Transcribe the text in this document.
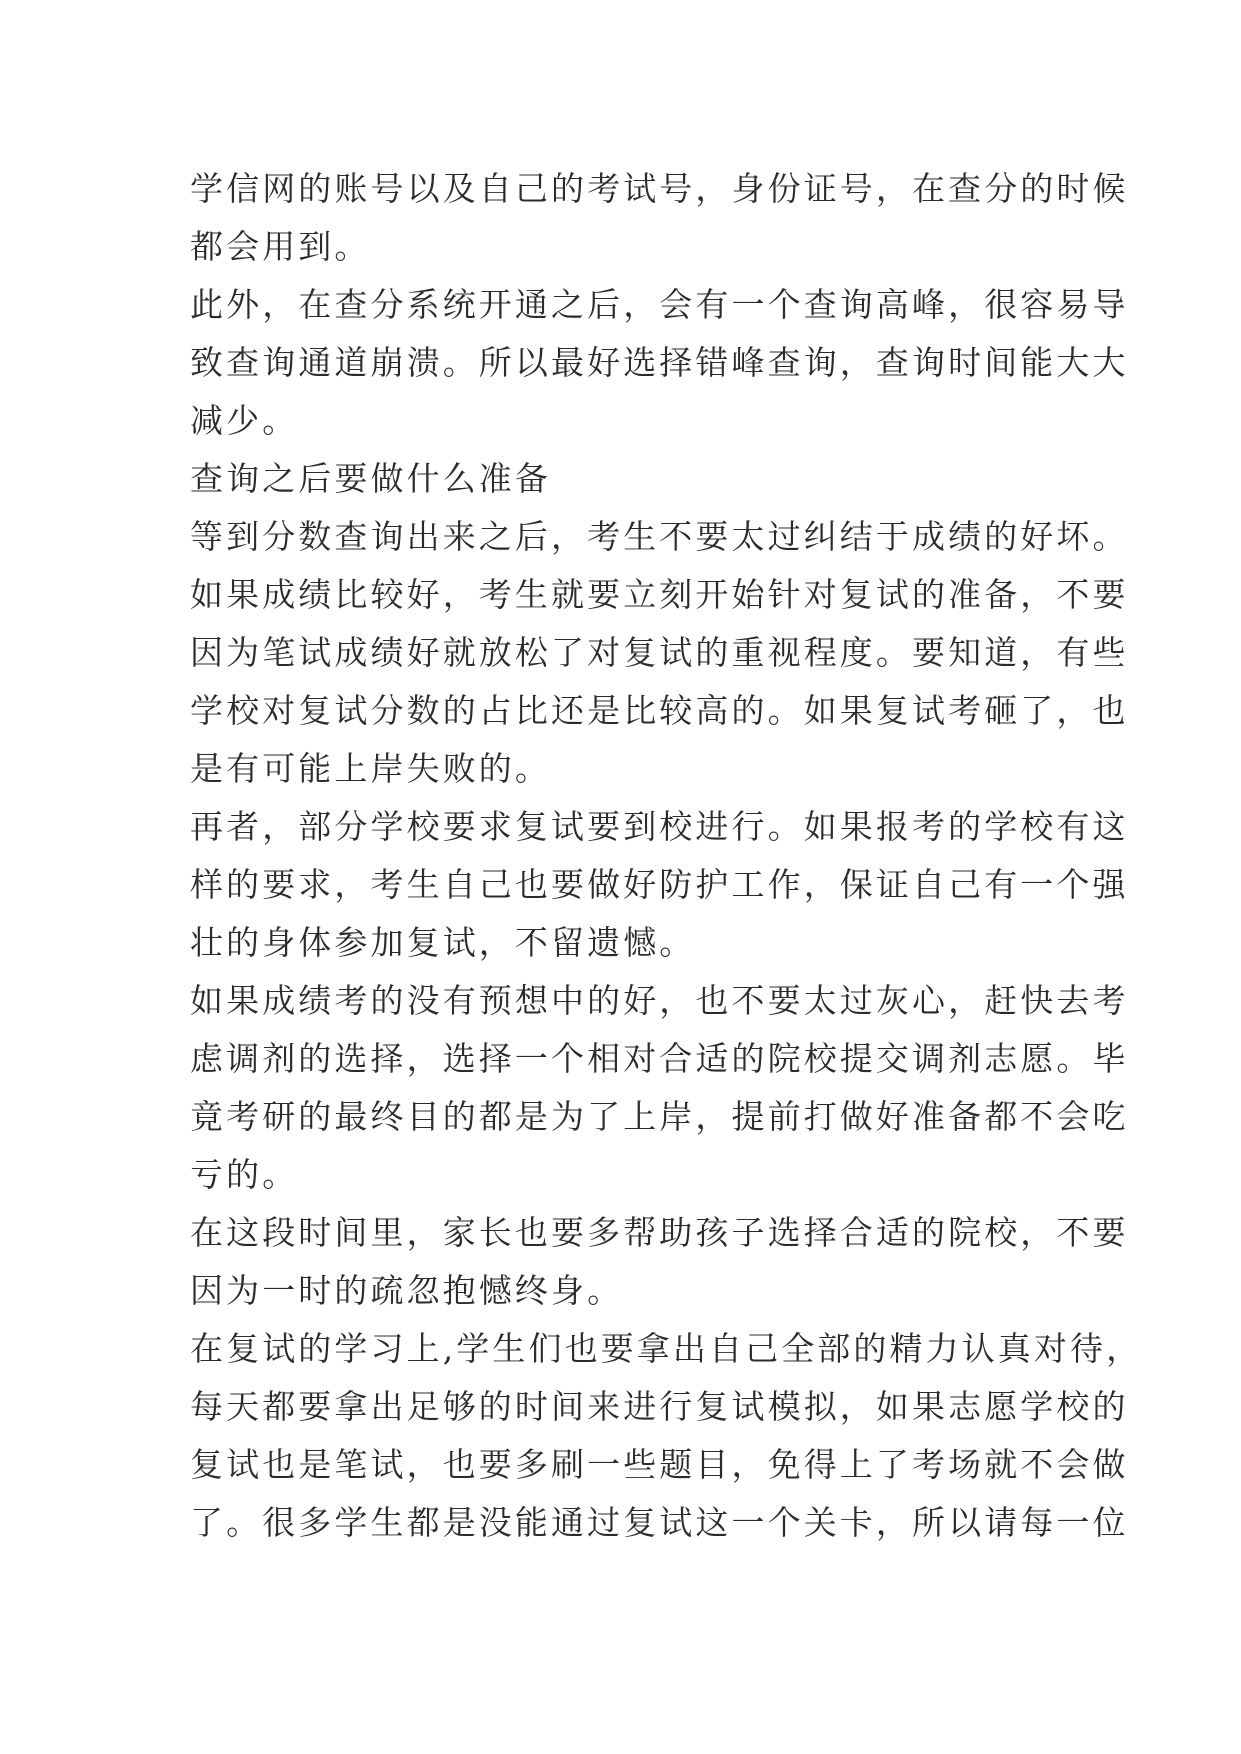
学信网的账号以及自己的考试号，身份证号，在查分的时候
都会用到。
此外，在查分系统开通之后，会有一个查询高峰，很容易导
致查询通道崩溃。所以最好选择错峰查询，查询时间能大大
减少。
查询之后要做什么准备
等到分数查询出来之后，考生不要太过纠结于成绩的好坏。
如果成绩比较好，考生就要立刻开始针对复试的准备，不要
因为笔试成绩好就放松了对复试的重视程度。要知道，有些
学校对复试分数的占比还是比较高的。如果复试考砸了，也
是有可能上岸失败的。
再者，部分学校要求复试要到校进行。如果报考的学校有这
样的要求，考生自己也要做好防护工作，保证自己有一个强
壮的身体参加复试，不留遗憾。
如果成绩考的没有预想中的好，也不要太过灰心，赶快去考
虑调剂的选择，选择一个相对合适的院校提交调剂志愿。毕
竟考研的最终目的都是为了上岸，提前打做好准备都不会吃
亏的。
在这段时间里，家长也要多帮助孩子选择合适的院校，不要
因为一时的疏忽抱憾终身。
在复试的学习上,学生们也要拿出自己全部的精力认真对待，
每天都要拿出足够的时间来进行复试模拟，如果志愿学校的
复试也是笔试，也要多刷一些题目，免得上了考场就不会做
了。很多学生都是没能通过复试这一个关卡，所以请每一位
